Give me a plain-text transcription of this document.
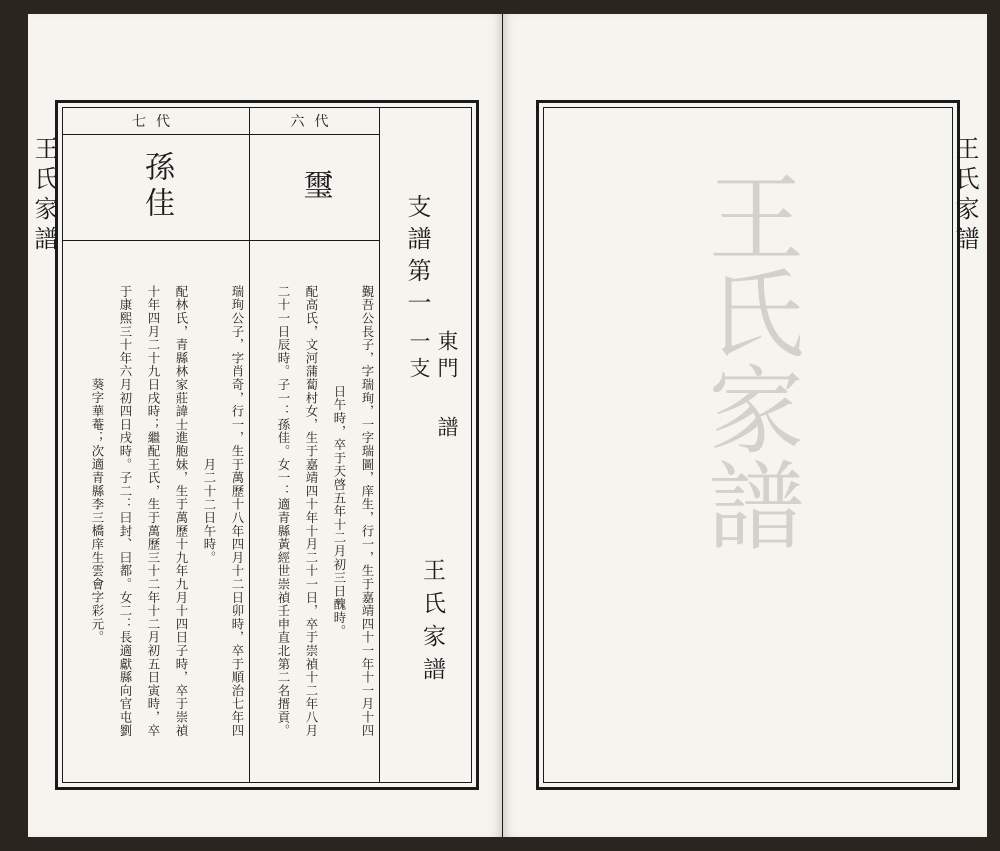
王氏家譜
七代
孫佳
瑞珣公子，字肖奇，行一，生于萬歷十八年四月十二日卯時，卒于順治七年四
月二十二日午時。
配林氏，青縣林家莊諱士進胞妹，生于萬歷十九年九月十四日子時，卒于崇禎
十年四月二十九日戌時；繼配王氏，生于萬歷三十二年十二月初五日寅時，卒
于康熙三十年六月初四日戌時。子二：曰封、曰都。女二：長適獻縣向官屯劉
葵字華菴；次適青縣李三橋庠生雲會字彩元。
六代
璽
覲吾公長子，字瑞珣，一字瑞圖，庠生，行一，生于嘉靖四十一年十一月十四
日午時，卒于天啓五年十二月初三日醜時。
配高氏，文河蒲蔔村女，生于嘉靖四十年十月二十一日，卒于崇禎十二年八月
二十一日辰時。子一：孫佳。女一：適青縣黃經世崇禎壬申直北第二名搢貢。
支譜第一
東門
一支
譜
王氏家譜
王氏家譜
王氏家譜
